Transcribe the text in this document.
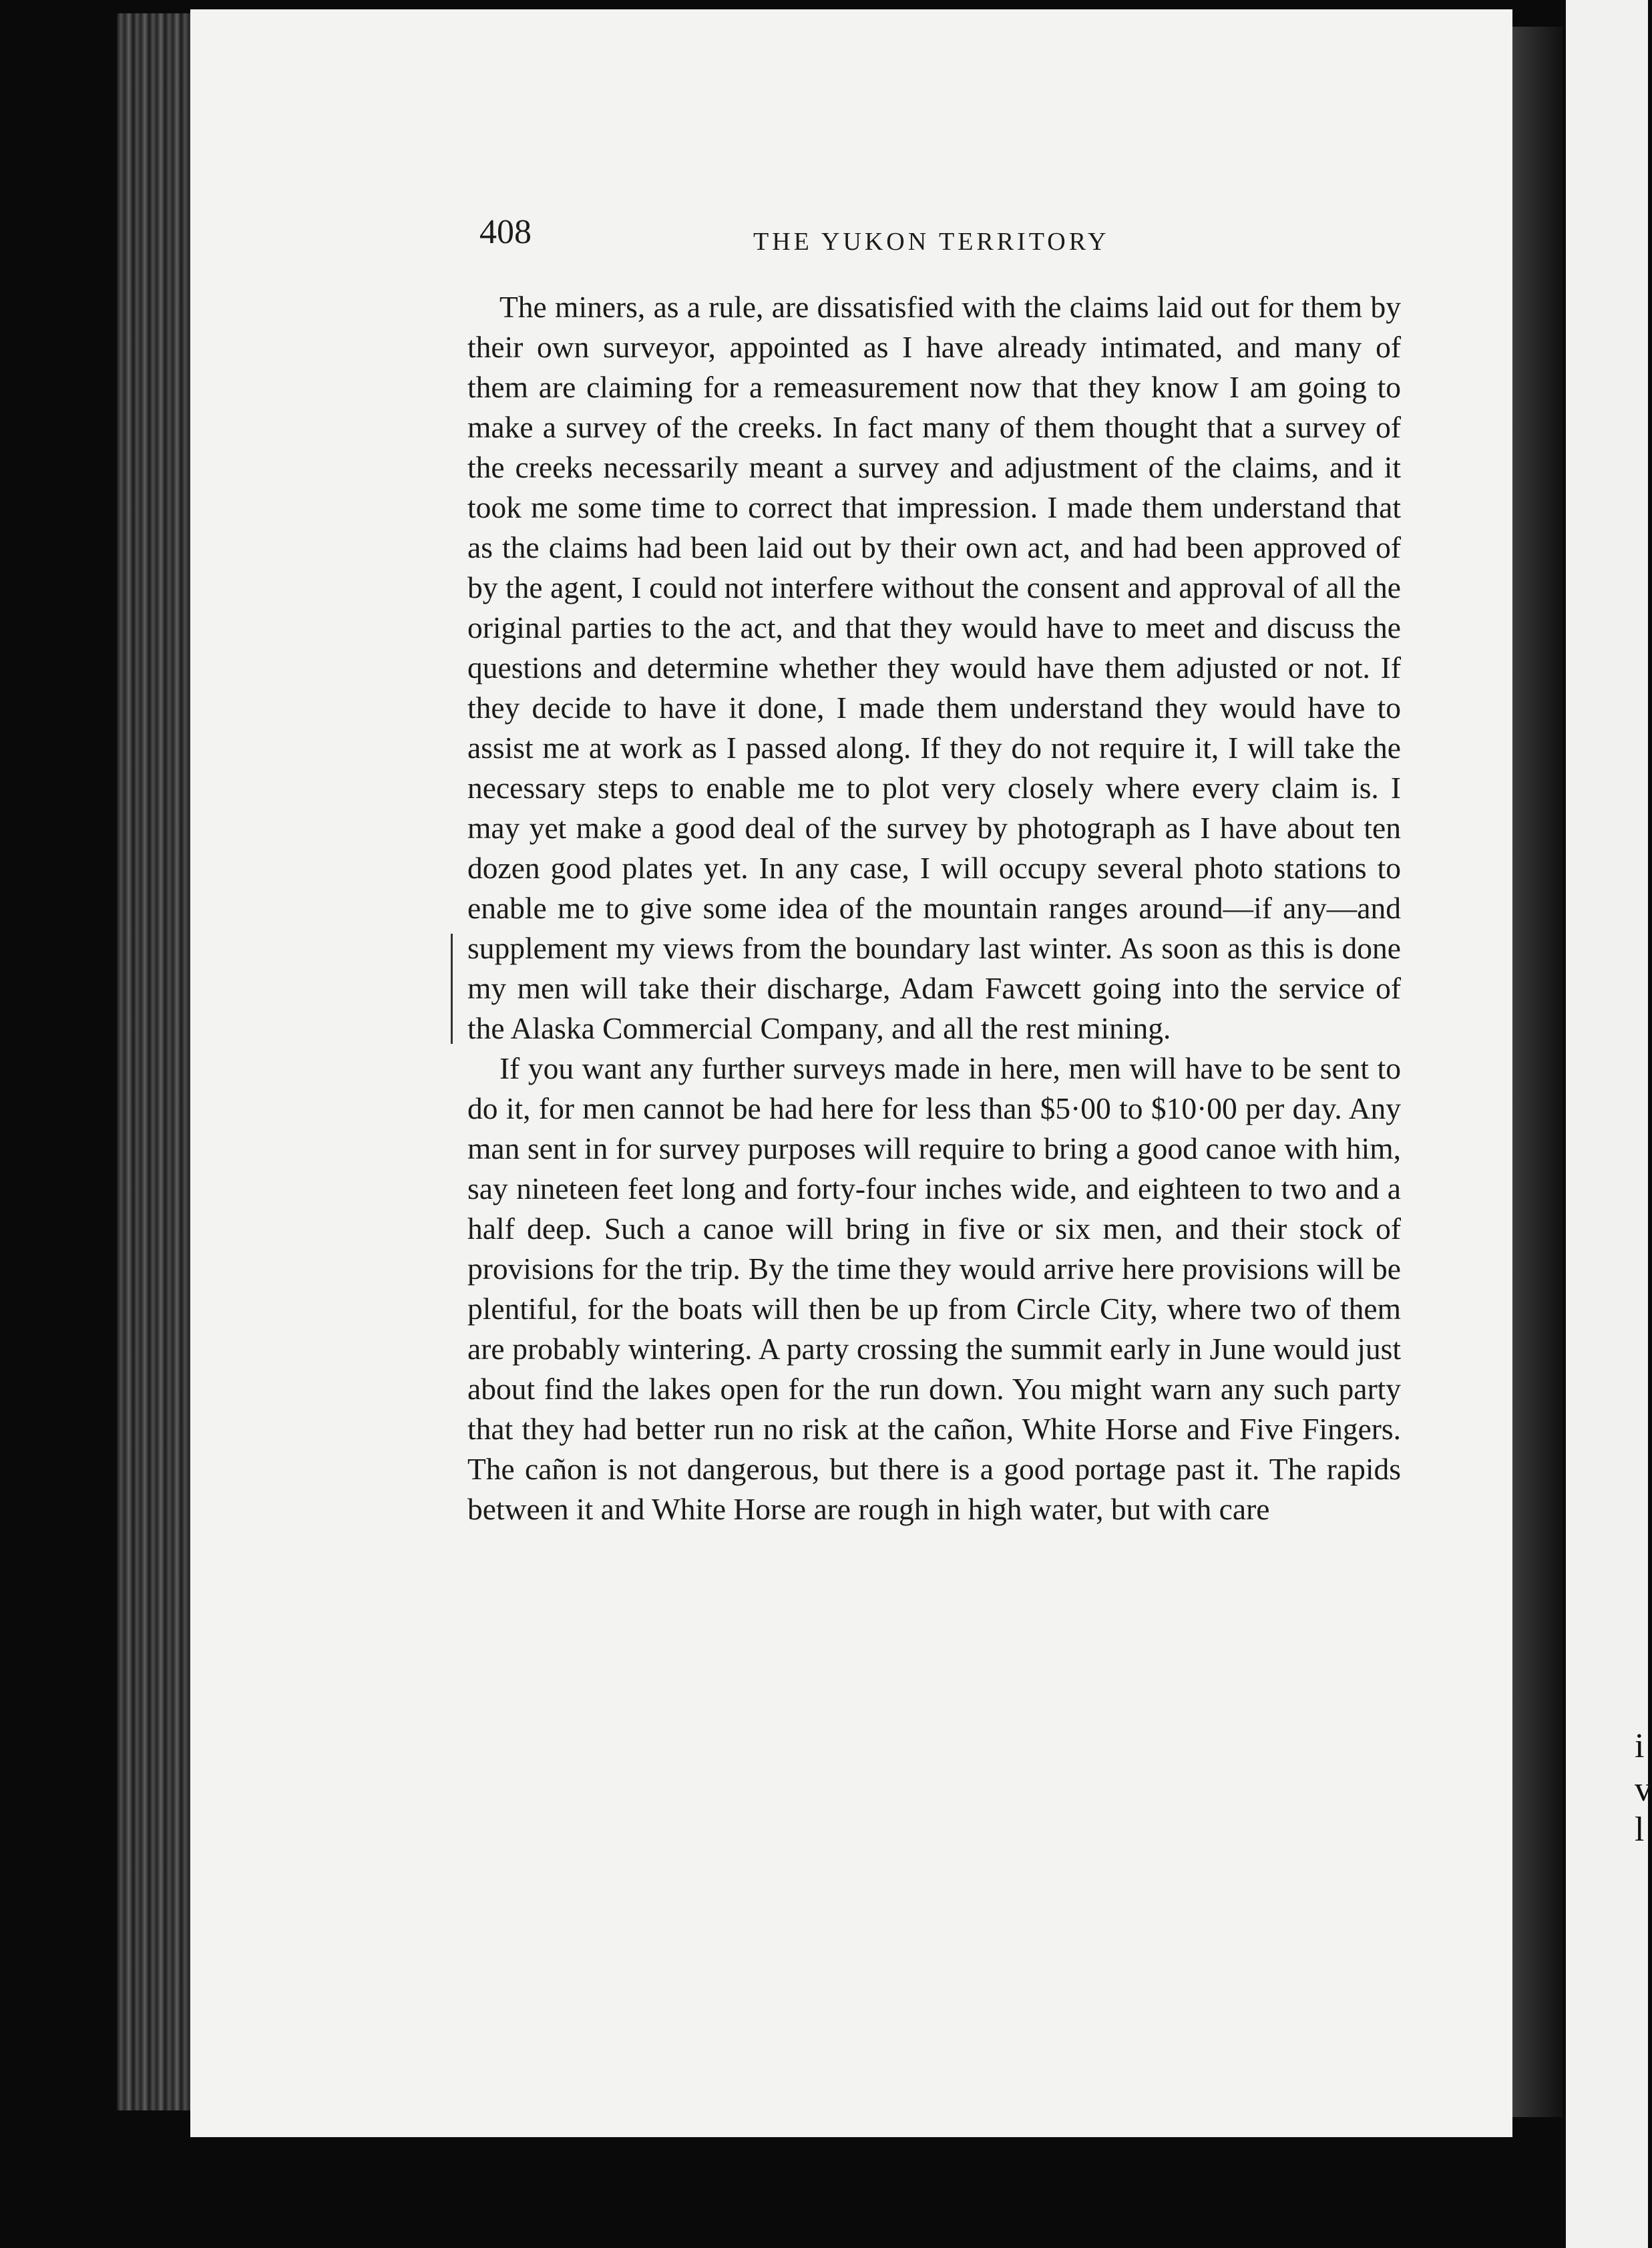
i
v
l
408	THE YUKON TERRITORY

The miners, as a rule, are dissatisfied with the claims laid out for them by their own surveyor, appointed as I have already intimated, and many of them are claiming for a remeasurement now that they know I am going to make a survey of the creeks. In fact many of them thought that a survey of the creeks necessarily meant a survey and adjustment of the claims, and it took me some time to correct that impression. I made them understand that as the claims had been laid out by their own act, and had been approved of by the agent, I could not interfere without the consent and approval of all the original parties to the act, and that they would have to meet and discuss the questions and determine whether they would have them adjusted or not. If they decide to have it done, I made them understand they would have to assist me at work as I passed along. If they do not require it, I will take the necessary steps to enable me to plot very closely where every claim is. I may yet make a good deal of the survey by photograph as I have about ten dozen good plates yet. In any case, I will occupy several photo stations to enable me to give some idea of the mountain ranges around—if any—and supplement my views from the boundary last winter. As soon as this is done my men will take their discharge, Adam Fawcett going into the service of the Alaska Commercial Company, and all the rest mining.

If you want any further surveys made in here, men will have to be sent to do it, for men cannot be had here for less than $5·00 to $10·00 per day. Any man sent in for survey purposes will require to bring a good canoe with him, say nineteen feet long and forty-four inches wide, and eighteen to two and a half deep. Such a canoe will bring in five or six men, and their stock of provisions for the trip. By the time they would arrive here provisions will be plentiful, for the boats will then be up from Circle City, where two of them are probably wintering. A party crossing the summit early in June would just about find the lakes open for the run down. You might warn any such party that they had better run no risk at the cañon, White Horse and Five Fingers. The cañon is not dangerous, but there is a good portage past it. The rapids between it and White Horse are rough in high water, but with care
